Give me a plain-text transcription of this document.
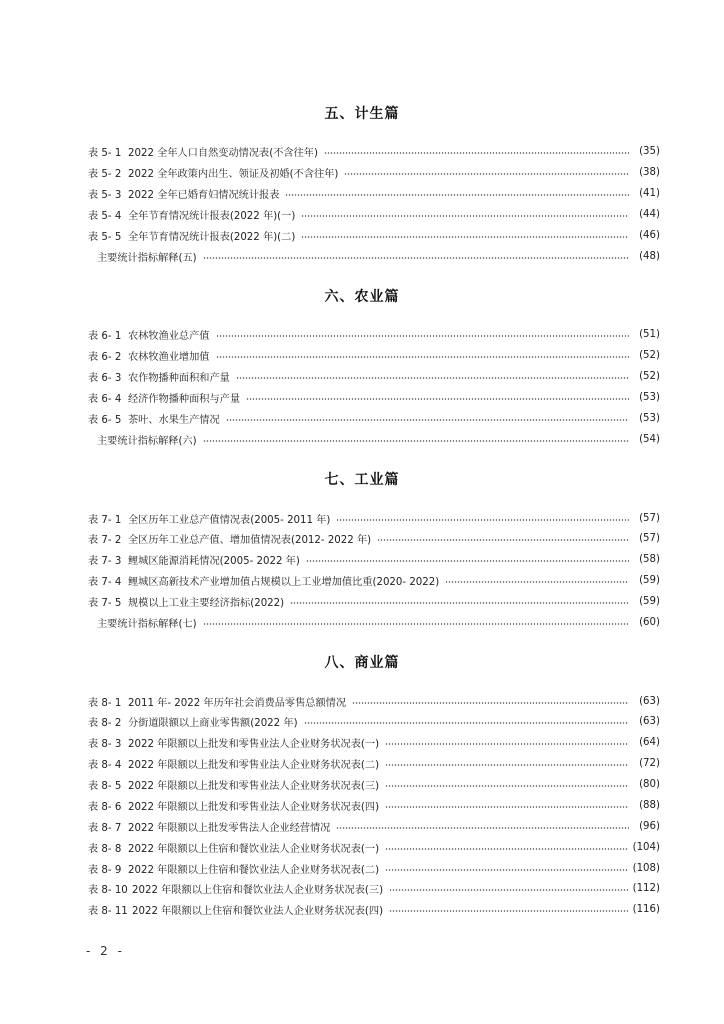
五、计生篇
表 5- 1 2022 全年人口自然变动情况表(不含往年)	(35)
表 5- 2 2022 全年政策内出生、领证及初婚(不含往年)	(38)
表 5- 3 2022 全年已婚育妇情况统计报表	(41)
表 5- 4 全年节育情况统计报表(2022 年)(一)	(44)
表 5- 5 全年节育情况统计报表(2022 年)(二)	(46)
主要统计指标解释(五)	(48)
六、农业篇
表 6- 1 农林牧渔业总产值	(51)
表 6- 2 农林牧渔业增加值	(52)
表 6- 3 农作物播种面积和产量	(52)
表 6- 4 经济作物播种面积与产量	(53)
表 6- 5 茶叶、水果生产情况	(53)
主要统计指标解释(六)	(54)
七、工业篇
表 7- 1 全区历年工业总产值情况表(2005- 2011 年)	(57)
表 7- 2 全区历年工业总产值、增加值情况表(2012- 2022 年)	(57)
表 7- 3 鲤城区能源消耗情况(2005- 2022 年)	(58)
表 7- 4 鲤城区高新技术产业增加值占规模以上工业增加值比重(2020- 2022)	(59)
表 7- 5 规模以上工业主要经济指标(2022)	(59)
主要统计指标解释(七)	(60)
八、商业篇
表 8- 1 2011 年- 2022 年历年社会消费品零售总额情况	(63)
表 8- 2 分街道限额以上商业零售额(2022 年)	(63)
表 8- 3 2022 年限额以上批发和零售业法人企业财务状况表(一)	(64)
表 8- 4 2022 年限额以上批发和零售业法人企业财务状况表(二)	(72)
表 8- 5 2022 年限额以上批发和零售业法人企业财务状况表(三)	(80)
表 8- 6 2022 年限额以上批发和零售业法人企业财务状况表(四)	(88)
表 8- 7 2022 年限额以上批发零售法人企业经营情况	(96)
表 8- 8 2022 年限额以上住宿和餐饮业法人企业财务状况表(一)	(104)
表 8- 9 2022 年限额以上住宿和餐饮业法人企业财务状况表(二)	(108)
表 8- 10 2022 年限额以上住宿和餐饮业法人企业财务状况表(三)	(112)
表 8- 11 2022 年限额以上住宿和餐饮业法人企业财务状况表(四)	(116)
- 2 -
